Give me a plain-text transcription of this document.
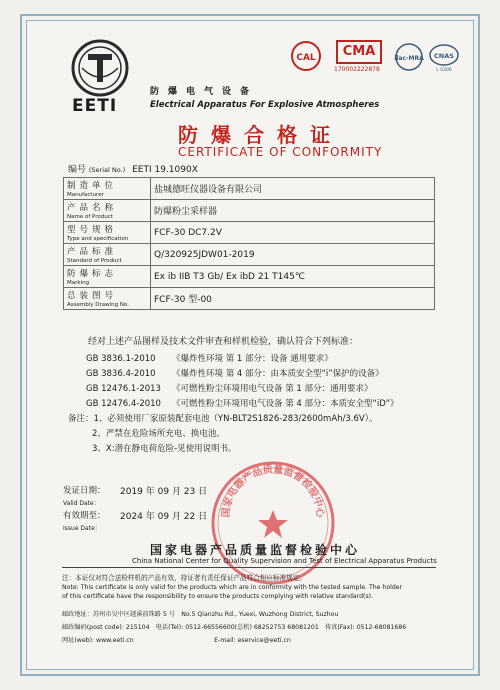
EETI
CAL	CMA
170002222878
ilac-MRA CNAS
L 0306
防爆电气设备
Electrical Apparatus For Explosive Atmospheres
防爆合格证
CERTIFICATE OF CONFORMITY
编号 (Serial No.) EETI 19.1090X
制造单位
Manufacturer	盐城德旺仪器设备有限公司

产品名称
Name of Product	防爆粉尘采样器

型号规格
Type and specification	FCF-30 DC7.2V

产品标准
Standard of Product	Q/320925JDW01-2019

防爆标志
Marking	Ex ib IIB T3 Gb/ Ex ibD 21 T145℃

总装图号
Assembly Drawing No.	FCF-30 型-00
经对上述产品图样及技术文件审查和样机检验，确认符合下列标准：
GB 3836.1-2010 《爆炸性环境 第 1 部分：设备 通用要求》
GB 3836.4-2010 《爆炸性环境 第 4 部分：由本质安全型“i”保护的设备》
GB 12476.1-2013 《可燃性粉尘环境用电气设备 第 1 部分：通用要求》
GB 12476.4-2010 《可燃性粉尘环境用电气设备 第 4 部分：本质安全型“iD”》
备注：1、必须使用厂家原装配套电池（YN-BLT2S1826-283/2600mAh/3.6V）。
2、严禁在危险场所充电、换电池。
3、X:潜在静电荷危险-见使用说明书。
国家电器产品质量监督检验中心
发证日期：
Valid Date：
2019 年 09 月 23 日
有效期至：
Issue Date：
2024 年 09 月 22 日
国家电器产品质量监督检验中心
China National Center for Quality Supervision and Test of Electrical Apparatus Products
注：本证仅对符合送检样机的产品有效，持证者有责任保证产品符合相应标准规定。
Note: This certificate is only valid for the products which are in conformity with the tested sample. The holder
of this certificate have the responsibility to ensure the products complying with relative standard(s).
邮政地址：苏州市吴中区越溪前珠路 5 号　 No.5 Qianzhu Rd., Yuexi, Wuzhong District, Suzhou
邮政编码(post code): 215104　 电话(Tel): 0512-66556600(总机) 68252753 68081201　 传真(Fax): 0512-68081686
网址(web): www.eeti.cn　　　　　　　　　　　　　	E-mail: eservice@eeti.cn
